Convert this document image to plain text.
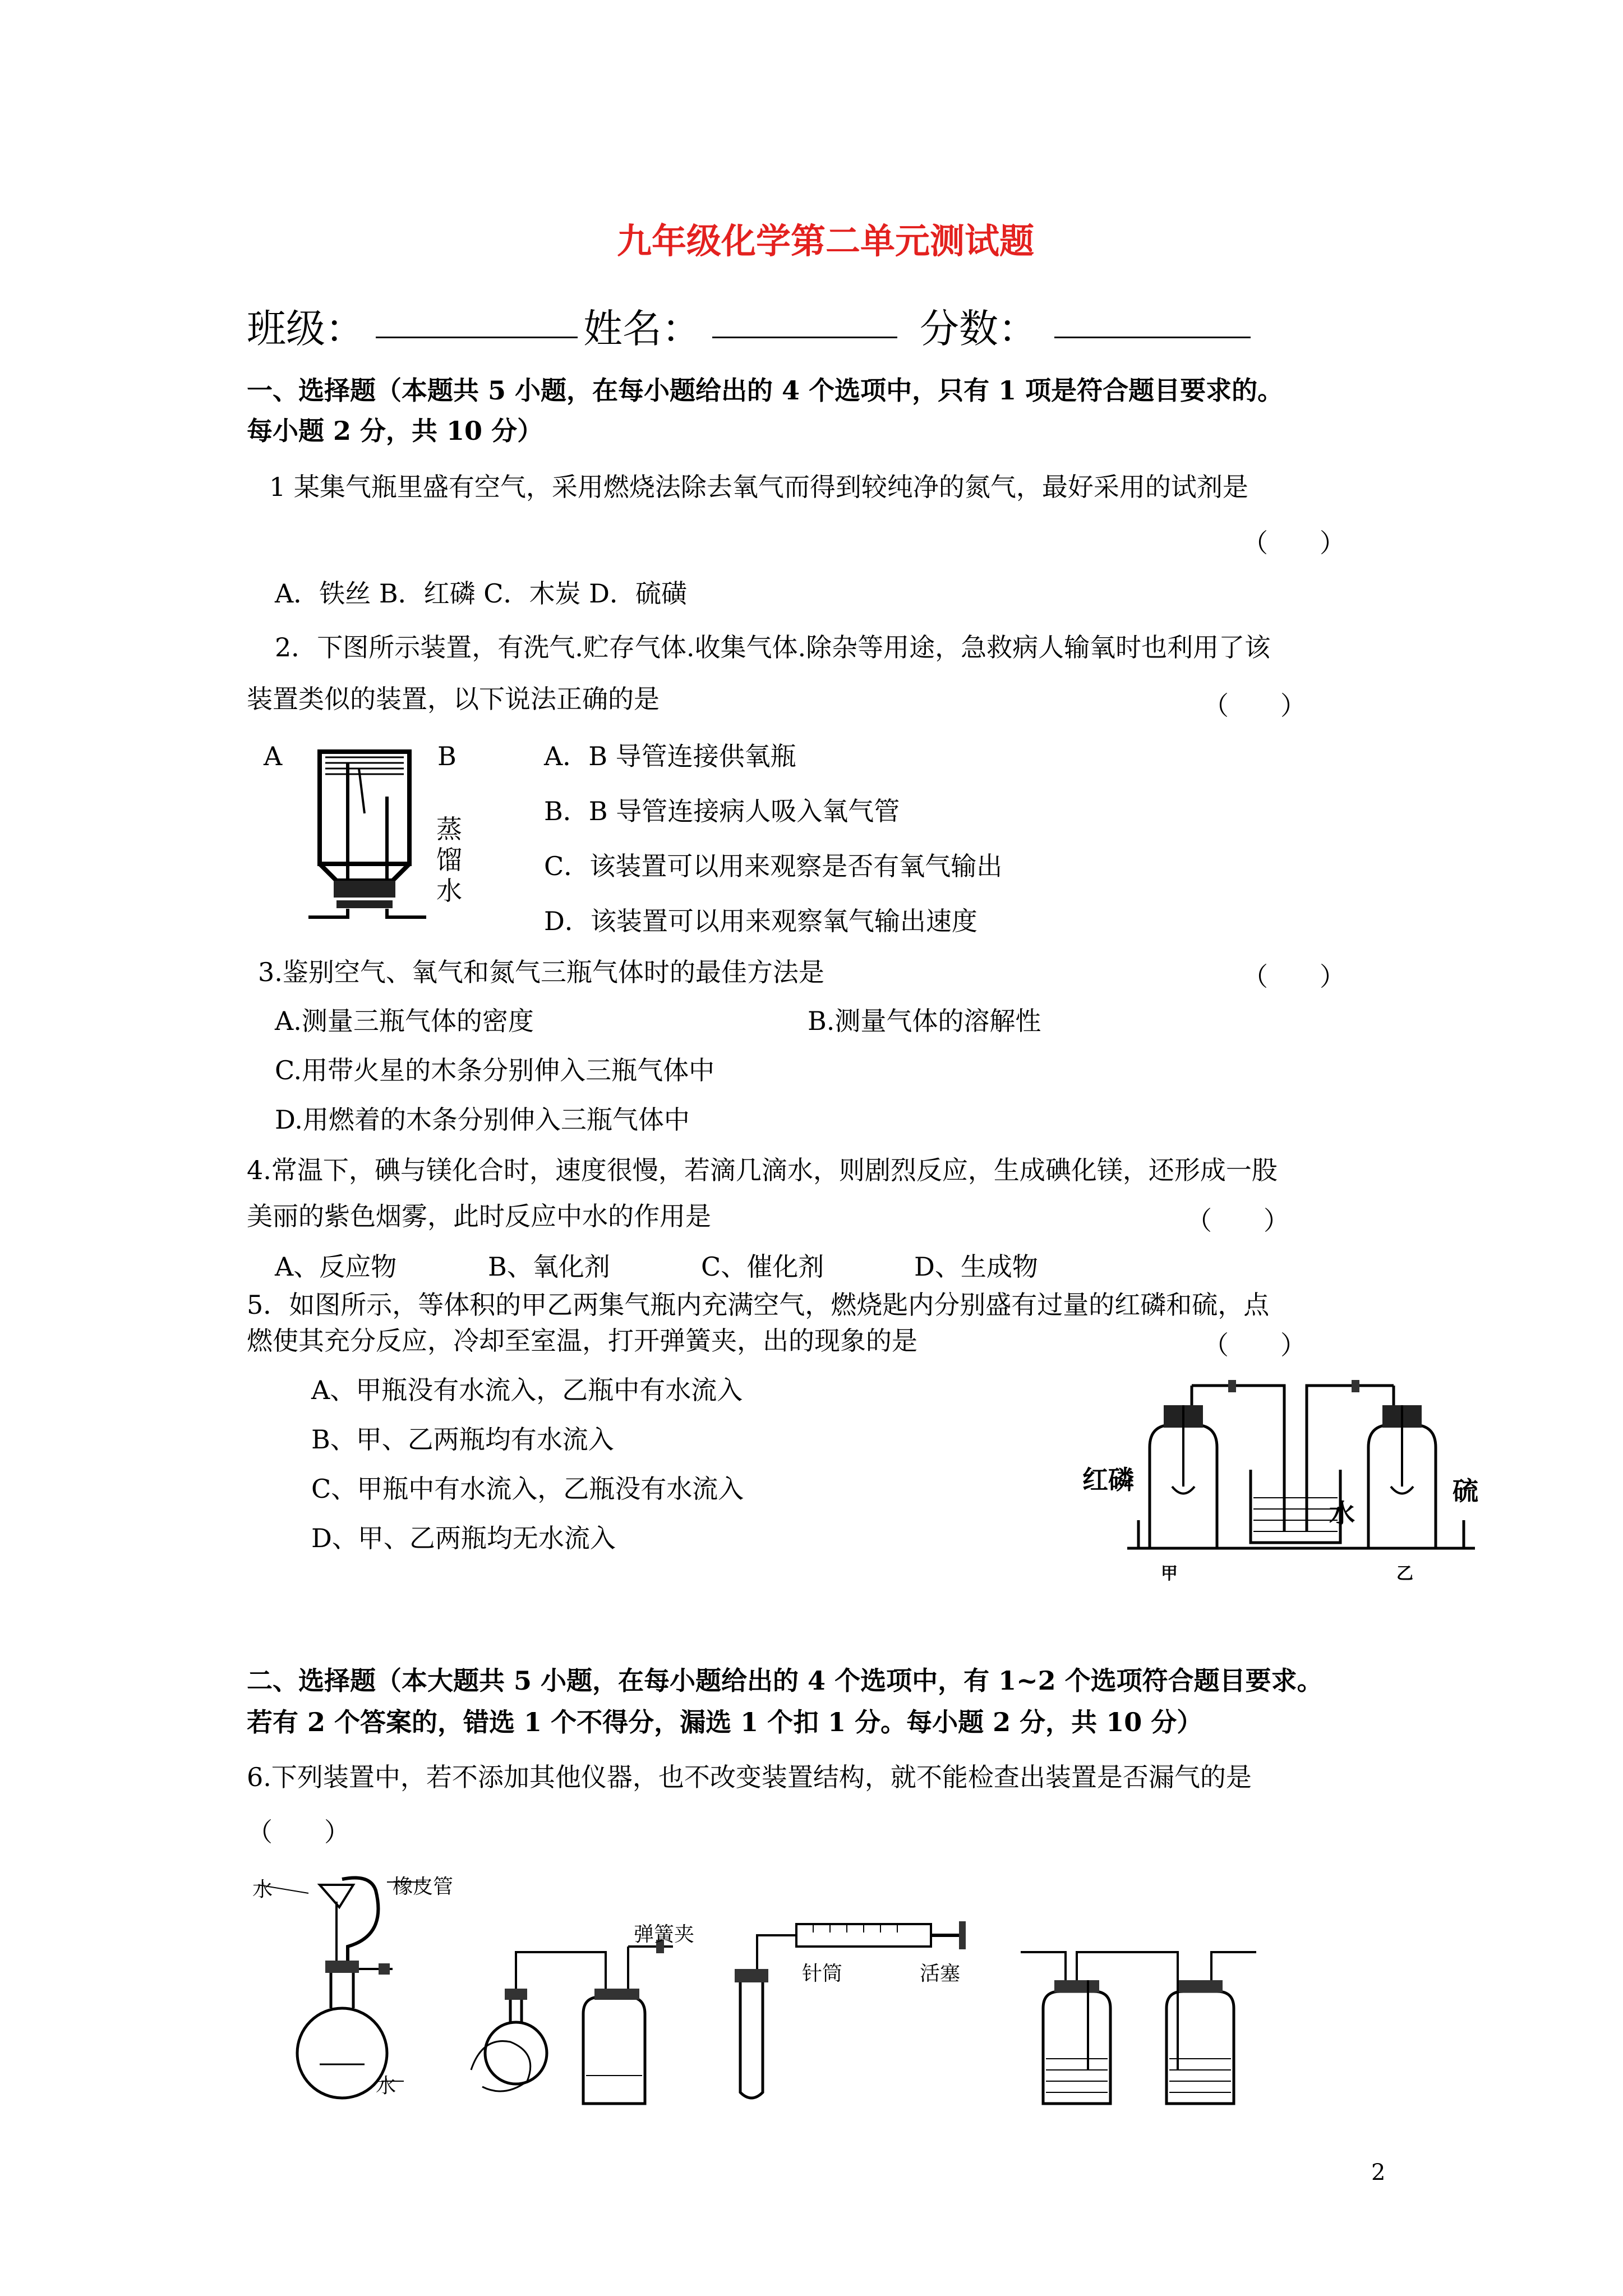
九年级化学第二单元测试题
班级：	姓名：	分数：
一、选择题（本题共 5 小题，在每小题给出的 4 个选项中，只有 1 项是符合题目要求的。
每小题 2 分，共 10 分）
1 某集气瓶里盛有空气，采用燃烧法除去氧气而得到较纯净的氮气，最好采用的试剂是
（　　）
A．铁丝 B．红磷 C．木炭 D．硫磺
2．下图所示装置，有洗气.贮存气体.收集气体.除杂等用途，急救病人输氧时也利用了该
装置类似的装置，以下说法正确的是	（　　）
A	B
蒸
馏
水
A．B 导管连接供氧瓶
B．B 导管连接病人吸入氧气管
C．该装置可以用来观察是否有氧气输出
D．该装置可以用来观察氧气输出速度
3.鉴别空气、氧气和氮气三瓶气体时的最佳方法是	（　　）
A.测量三瓶气体的密度	B.测量气体的溶解性
C.用带火星的木条分别伸入三瓶气体中
D.用燃着的木条分别伸入三瓶气体中
4.常温下，碘与镁化合时，速度很慢，若滴几滴水，则剧烈反应，生成碘化镁，还形成一股
美丽的紫色烟雾，此时反应中水的作用是	（　　）
A、反应物	B、氧化剂	C、催化剂	D、生成物
5．如图所示，等体积的甲乙两集气瓶内充满空气，燃烧匙内分别盛有过量的红磷和硫，点
燃使其充分反应，冷却至室温，打开弹簧夹，出的现象的是	（　　）
A、甲瓶没有水流入，乙瓶中有水流入
B、甲、乙两瓶均有水流入
C、甲瓶中有水流入，乙瓶没有水流入
D、甲、乙两瓶均无水流入
红磷
水
硫
甲	乙
二、选择题（本大题共 5 小题，在每小题给出的 4 个选项中，有 1~2 个选项符合题目要求。
若有 2 个答案的，错选 1 个不得分，漏选 1 个扣 1 分。每小题 2 分，共 10 分）
6.下列装置中，若不添加其他仪器，也不改变装置结构，就不能检查出装置是否漏气的是
（　　）
水	橡皮管
水
弹簧夹
针筒	活塞
2
